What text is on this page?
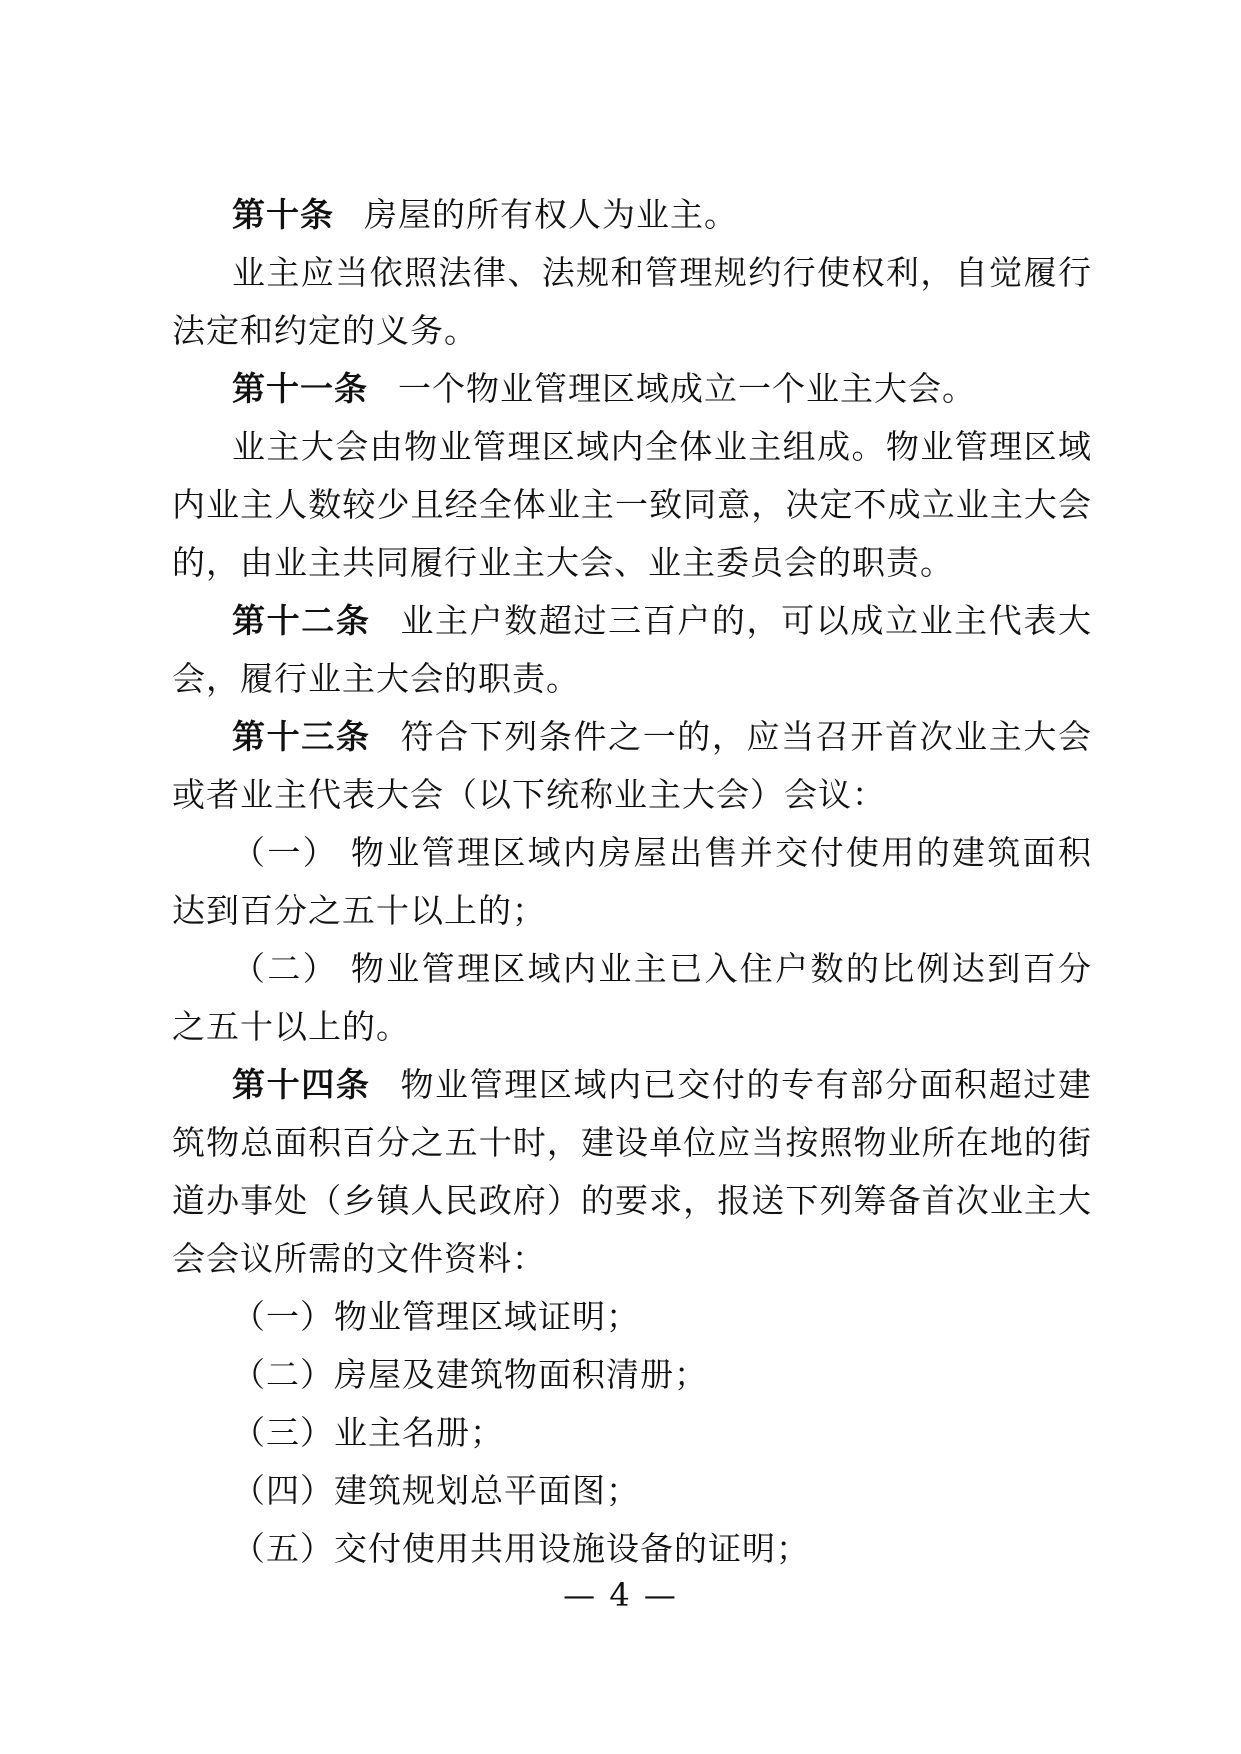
第十条 房屋的所有权人为业主。

业主应当依照法律、法规和管理规约行使权利，自觉履行法定和约定的义务。

第十一条 一个物业管理区域成立一个业主大会。

业主大会由物业管理区域内全体业主组成。物业管理区域内业主人数较少且经全体业主一致同意，决定不成立业主大会的，由业主共同履行业主大会、业主委员会的职责。

第十二条 业主户数超过三百户的，可以成立业主代表大会，履行业主大会的职责。

第十三条 符合下列条件之一的，应当召开首次业主大会或者业主代表大会（以下统称业主大会）会议：

（一） 物业管理区域内房屋出售并交付使用的建筑面积达到百分之五十以上的；

（二） 物业管理区域内业主已入住户数的比例达到百分之五十以上的。

第十四条 物业管理区域内已交付的专有部分面积超过建筑物总面积百分之五十时，建设单位应当按照物业所在地的街道办事处（乡镇人民政府）的要求，报送下列筹备首次业主大会会议所需的文件资料：

（一）物业管理区域证明；

（二）房屋及建筑物面积清册；

（三）业主名册；

（四）建筑规划总平面图；

（五）交付使用共用设施设备的证明；

— 4 —
